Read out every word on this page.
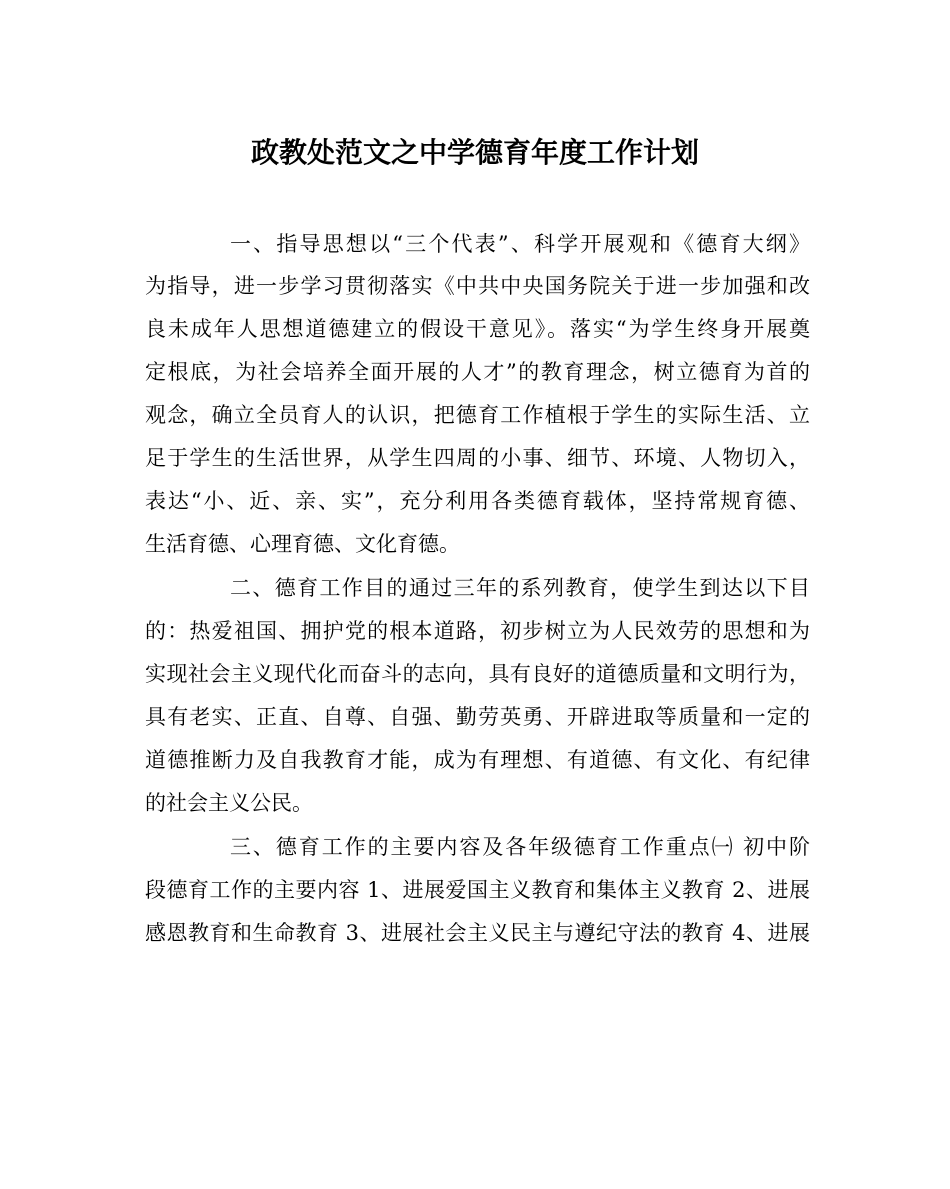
政教处范文之中学德育年度工作计划
一、指导思想以“三个代表”、科学开展观和《德育大纲》
为指导，进一步学习贯彻落实《中共中央国务院关于进一步加强和改
良未成年人思想道德建立的假设干意见》。落实“为学生终身开展奠
定根底，为社会培养全面开展的人才”的教育理念，树立德育为首的
观念，确立全员育人的认识，把德育工作植根于学生的实际生活、立
足于学生的生活世界，从学生四周的小事、细节、环境、人物切入，
表达“小、近、亲、实”，充分利用各类德育载体，坚持常规育德、
生活育德、心理育德、文化育德。
二、德育工作目的通过三年的系列教育，使学生到达以下目
的：热爱祖国、拥护党的根本道路，初步树立为人民效劳的思想和为
实现社会主义现代化而奋斗的志向，具有良好的道德质量和文明行为，
具有老实、正直、自尊、自强、勤劳英勇、开辟进取等质量和一定的
道德推断力及自我教育才能，成为有理想、有道德、有文化、有纪律
的社会主义公民。
三、德育工作的主要内容及各年级德育工作重点㈠ 初中阶
段德育工作的主要内容 1、进展爱国主义教育和集体主义教育 2、进展
感恩教育和生命教育 3、进展社会主义民主与遵纪守法的教育 4、进展
